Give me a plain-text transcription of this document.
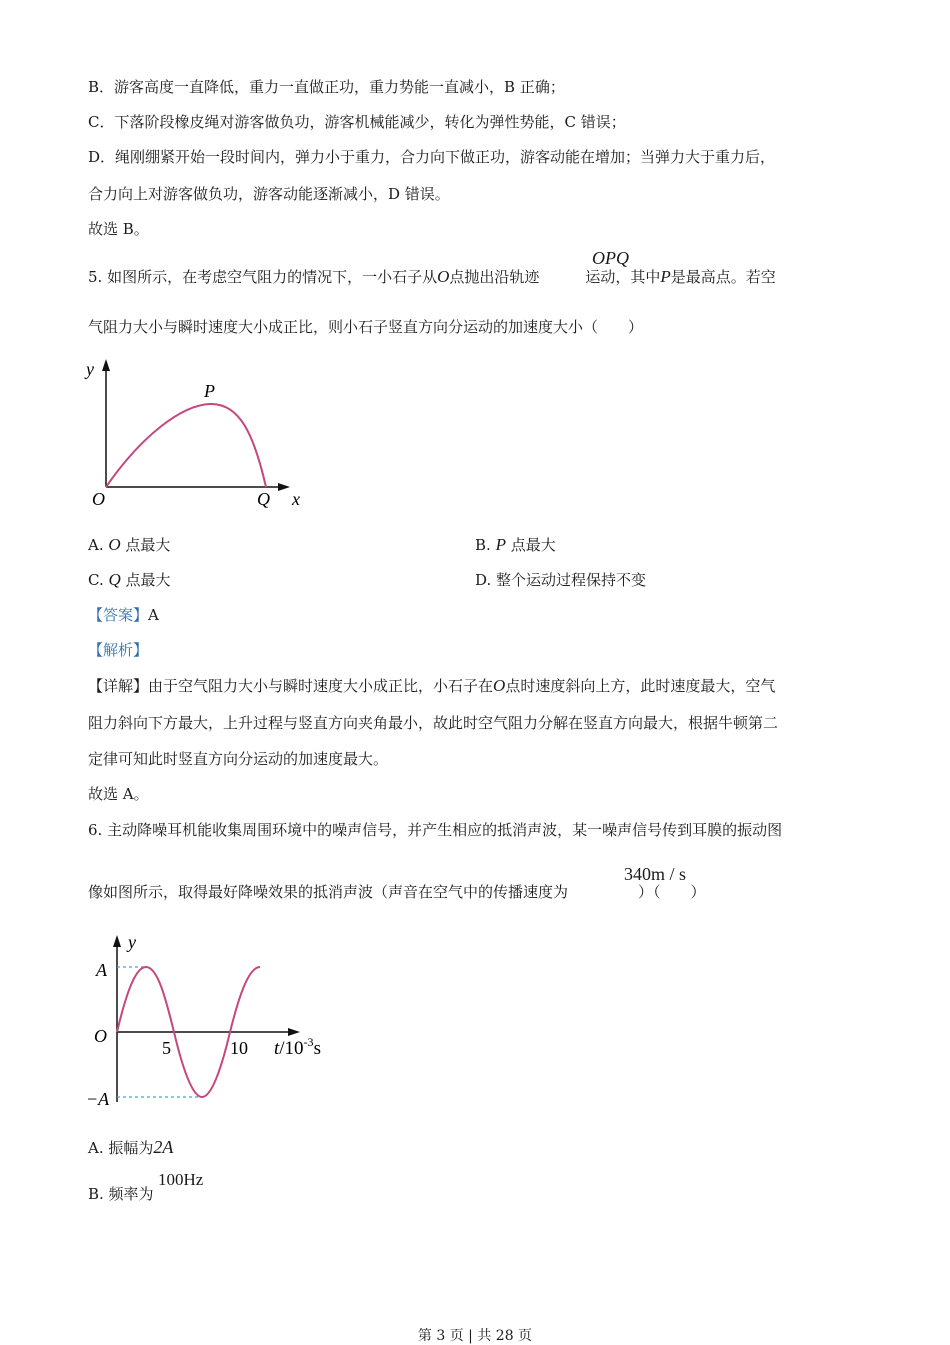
B．游客高度一直降低，重力一直做正功，重力势能一直减小，B 正确；
C．下落阶段橡皮绳对游客做负功，游客机械能减少，转化为弹性势能，C 错误；
D．绳刚绷紧开始一段时间内，弹力小于重力，合力向下做正功，游客动能在增加；当弹力大于重力后，
合力向上对游客做负功，游客动能逐渐减小，D 错误。
故选 B。
5. 如图所示，在考虑空气阻力的情况下，一小石子从O点抛出沿轨迹	运动，其中P是最高点。若空
OPQ
气阻力大小与瞬时速度大小成正比，则小石子竖直方向分运动的加速度大小（　　）
y
x
O
P
Q
A. O 点最大	B. P 点最大
C. Q 点最大	D. 整个运动过程保持不变
【答案】A
【解析】
【详解】由于空气阻力大小与瞬时速度大小成正比，小石子在O点时速度斜向上方，此时速度最大，空气
阻力斜向下方最大，上升过程与竖直方向夹角最小，故此时空气阻力分解在竖直方向最大，根据牛顿第二
定律可知此时竖直方向分运动的加速度最大。
故选 A。
6. 主动降噪耳机能收集周围环境中的噪声信号，并产生相应的抵消声波，某一噪声信号传到耳膜的振动图
像如图所示，取得最好降噪效果的抵消声波（声音在空气中的传播速度为	）（　　）
340m / s
y
A
−A
O
5	10 $t/10^{-3}s$
A. 振幅为2A
B. 频率为
100Hz
第 3 页 | 共 28 页
